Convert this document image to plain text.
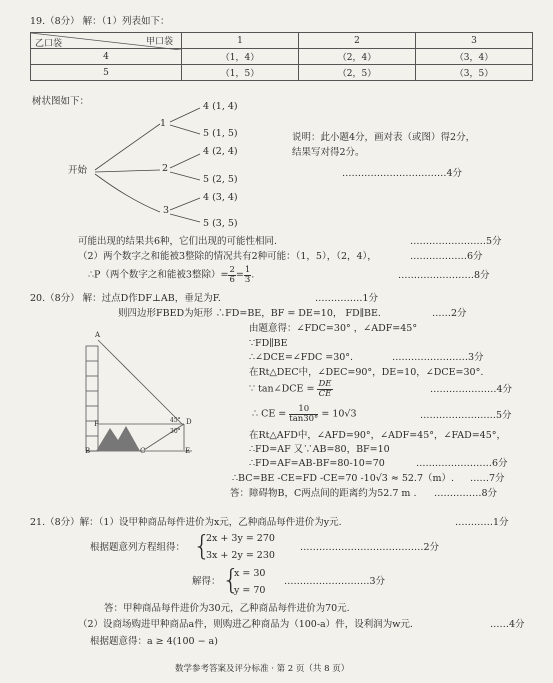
19.（8分） 解：（1）列表如下：
乙口袋 甲口袋	1	2	3
4	（1，4）	（2，4）	（3，4）
5	（1，5）	（2，5）	（3，5）
树状图如下：
开始
1
2
3
4 (1, 4)
5 (1, 5)
4 (2, 4)
5 (2, 5)
4 (3, 4)
5 (3, 5)
说明：此小题4分，画对表（或图）得2分，
结果写对得2分。
……………………………4分
可能出现的结果共6种，它们出现的可能性相同.	……………………5分
（2）两个数字之和能被3整除的情况共有2种可能：（1，5），（2，4），	………………6分
∴P（两个数字之和能被3整除）= $\frac{2}{6} = \frac{1}{3}$ .	……………………8分
20.（8分） 解：过点D作DF⊥AB，垂足为F.	……………1分
则四边形FBED为矩形 ∴FD=BE，BF = DE=10， FD∥BE.	……2分
由题意得：∠FDC=30° ，∠ADF=45°
∵FD∥BE
∴∠DCE=∠FDC =30°.	……………………3分
在Rt△DEC中，∠DEC=90°，DE=10，∠DCE=30°.
∵ tan∠DCE = $\frac{DE}{CE}$	…………………4分
∴ CE = $\frac{10}{\tan 30^\circ} = 10√3$	……………………5分
在Rt△AFD中，∠AFD=90°，∠ADF=45°，∠FAD=45°，
∴FD=AF 又∵AB=80，BF=10
∴FD=AF=AB-BF=80-10=70	……………………6分
∴BC=BE -CE=FD -CE=70 -10√3 ≈ 52.7（m）. ……7分
答：障碍物B，C两点间的距离约为52.7 m . ……………8分
A
F	D
B	C	E
45°
30°
21.（8分）解：（1）设甲种商品每件进价为x元，乙种商品每件进价为y元.	…………1分
根据题意列方程组得： {
2x + 3y = 270
3x + 2y = 230
…………………………………2分
解得： {
x = 30
y = 70
………………………3分
答：甲种商品每件进价为30元，乙种商品每件进价为70元.
（2）设商场购进甲种商品a件，则购进乙种商品为（100-a）件，设利润为w元.	……4分
根据题意得：a ≥ 4(100 − a)
数学参考答案及评分标准 · 第 2 页（共 8 页）
